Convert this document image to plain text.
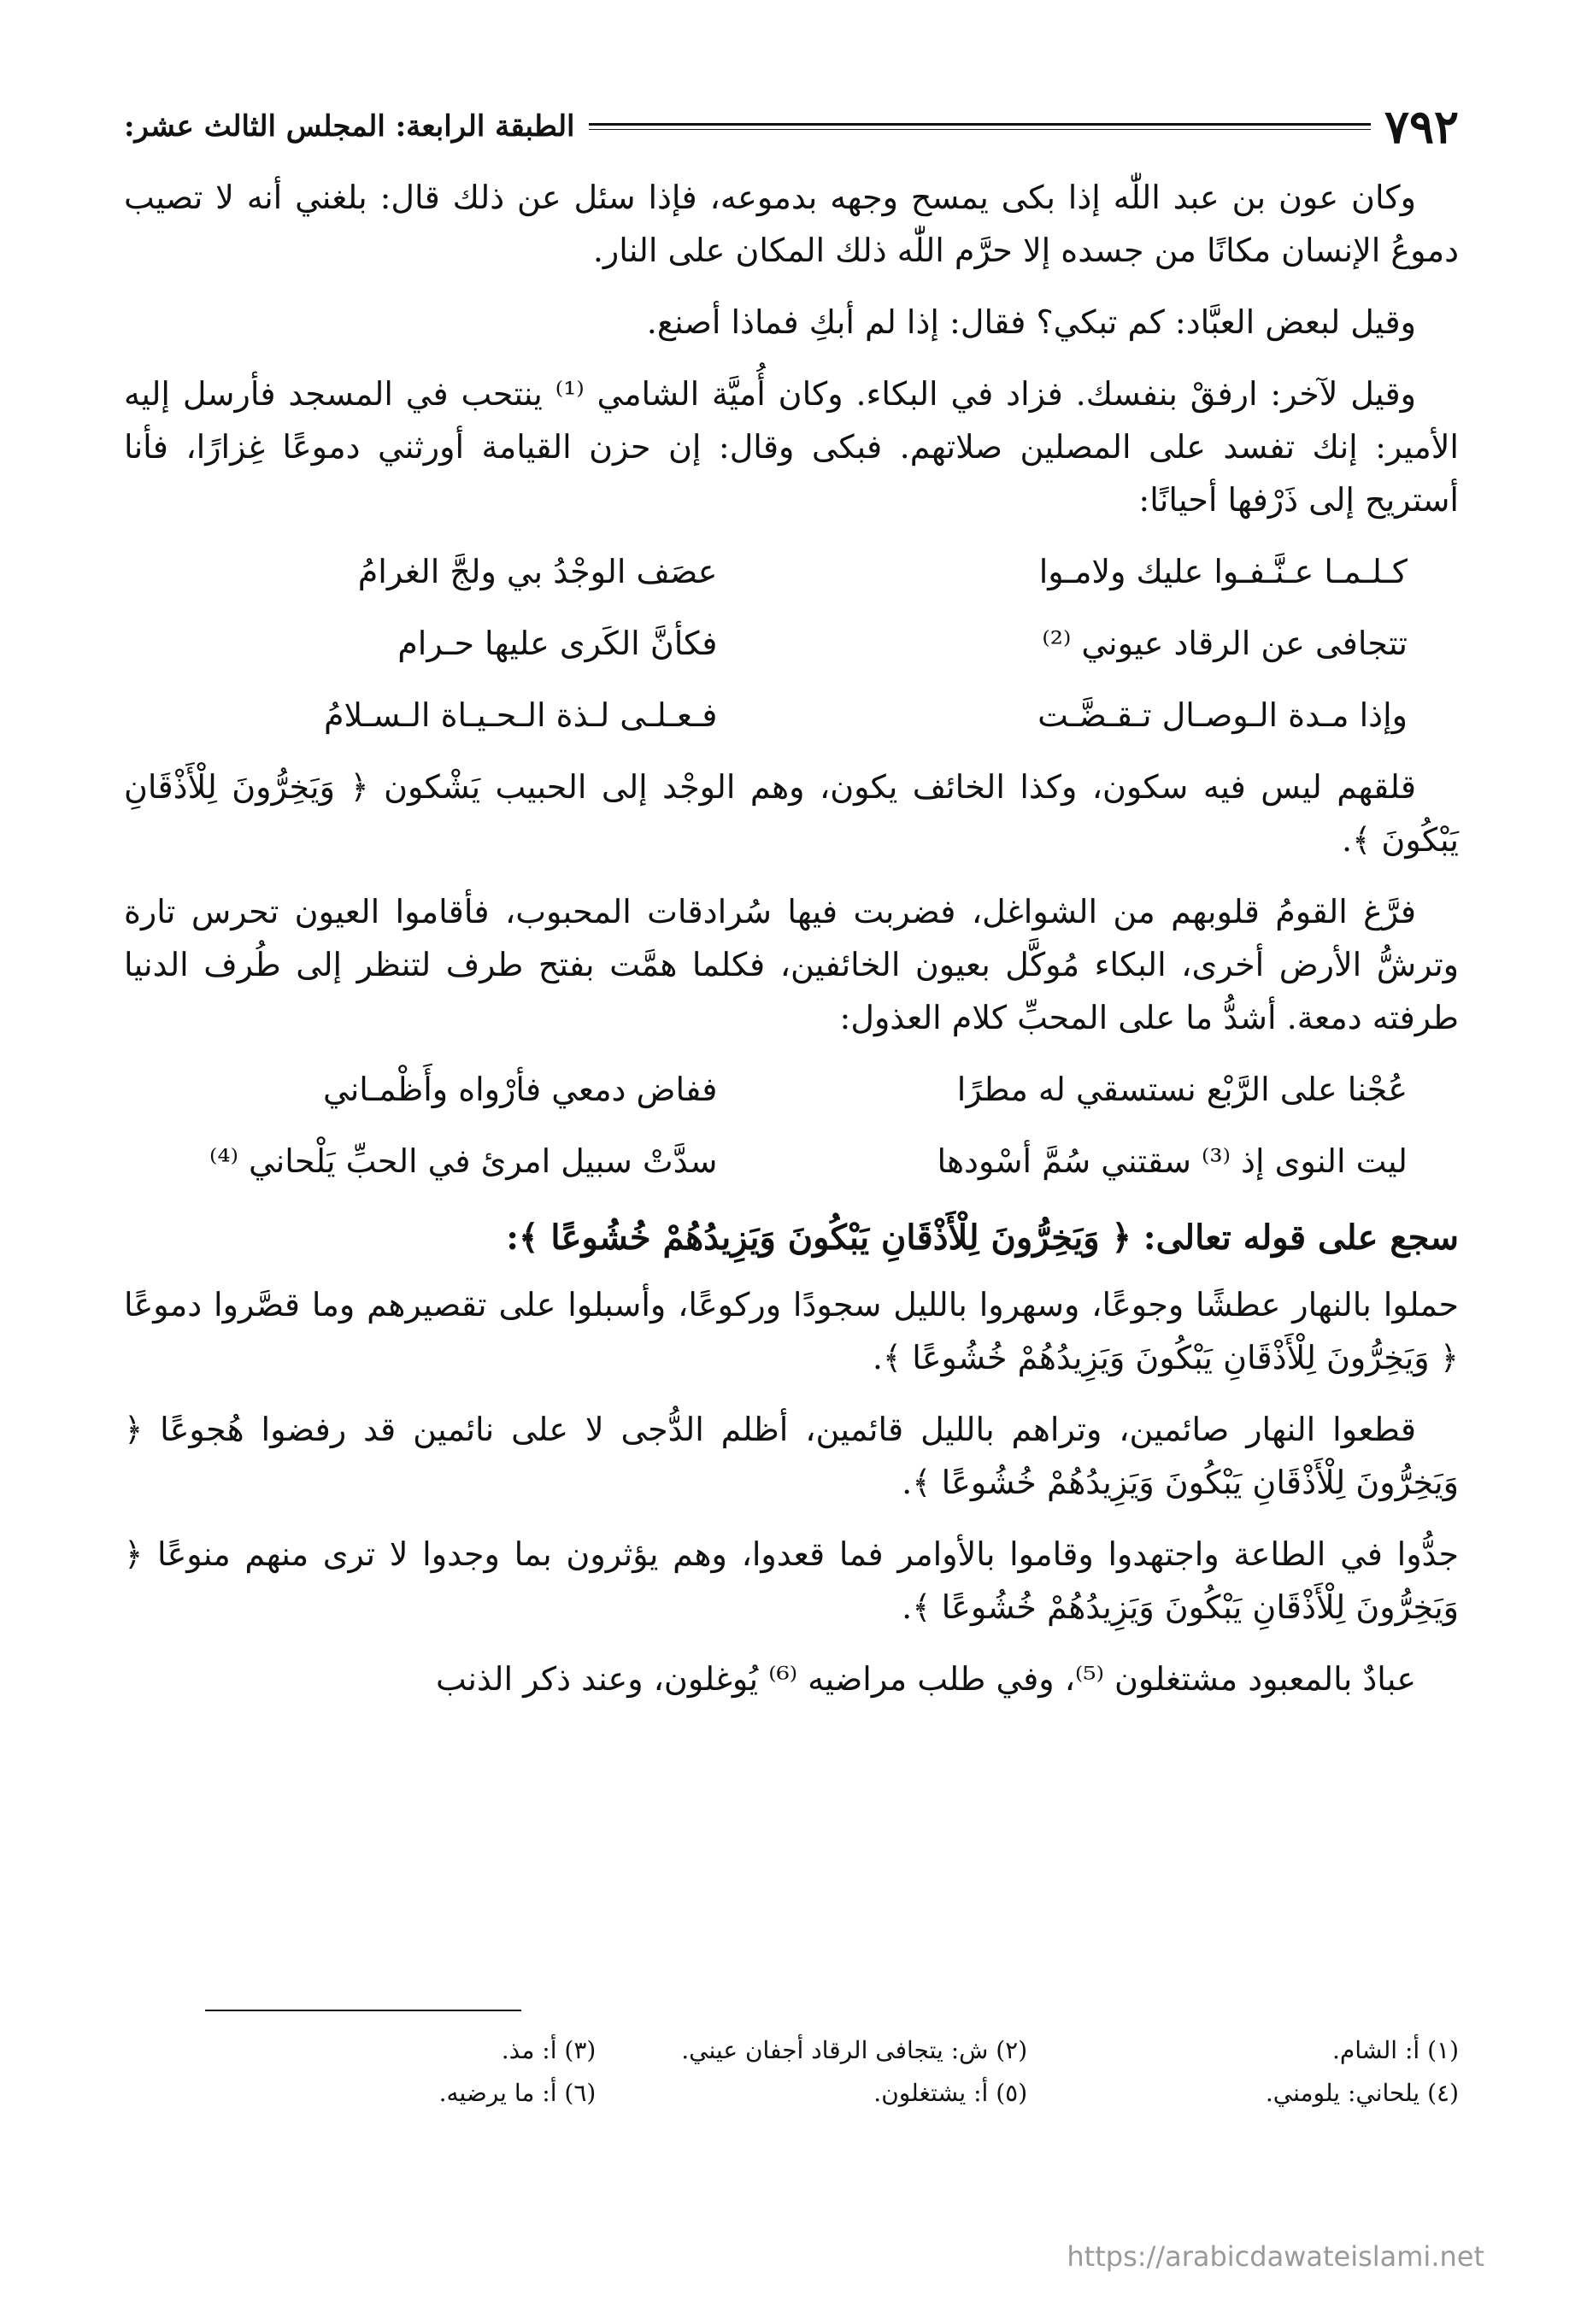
٧٩٢
الطبقة الرابعة: المجلس الثالث عشر:

وكان عون بن عبد اللّٰه إذا بكى يمسح وجهه بدموعه، فإذا سئل عن ذلك قال: بلغني أنه لا تصيب دموعُ الإنسان مكانًا من جسده إلا حرَّم اللّٰه ذلك المكان على النار.

وقيل لبعض العبَّاد: كم تبكي؟ فقال: إذا لم أبكِ فماذا أصنع.

وقيل لآخر: ارفقْ بنفسك. فزاد في البكاء. وكان أُميَّة الشامي ⁽¹⁾ ينتحب في المسجد فأرسل إليه الأمير: إنك تفسد على المصلين صلاتهم. فبكى وقال: إن حزن القيامة أورثني دموعًا غِزارًا، فأنا أستريح إلى ذَرْفها أحيانًا:

كـلـمـا عـنَّـفـوا عليك ولامـوا
عصَف الوجْدُ بي ولجَّ الغرامُ
تتجافى عن الرقاد عيوني ⁽²⁾
فكأنَّ الكَرى عليها حـرام
وإذا مـدة الـوصـال تـقـضَّـت
فـعـلـى لـذة الـحـيـاة الـسـلامُ

قلقهم ليس فيه سكون، وكذا الخائف يكون، وهم الوجْد إلى الحبيب يَشْكون ﴿ وَيَخِرُّونَ لِلْأَذْقَانِ يَبْكُونَ ﴾.

فرَّغ القومُ قلوبهم من الشواغل، فضربت فيها سُرادقات المحبوب، فأقاموا العيون تحرس تارة وترشُّ الأرض أخرى، البكاء مُوكَّل بعيون الخائفين، فكلما همَّت بفتح طرف لتنظر إلى طُرف الدنيا طرفته دمعة. أشدُّ ما على المحبِّ كلام العذول:

عُجْنا على الرَّبْع نستسقي له مطرًا
ففاض دمعي فأرْواه وأَظْمـاني
ليت النوى إذ ⁽³⁾ سقتني سُمَّ أسْودها
سدَّتْ سبيل امرئ في الحبِّ يَلْحاني ⁽⁴⁾
سجع على قوله تعالى: ﴿ وَيَخِرُّونَ لِلْأَذْقَانِ يَبْكُونَ وَيَزِيدُهُمْ خُشُوعًا ﴾:

حملوا بالنهار عطشًا وجوعًا، وسهروا بالليل سجودًا وركوعًا، وأسبلوا على تقصيرهم وما قصَّروا دموعًا ﴿ وَيَخِرُّونَ لِلْأَذْقَانِ يَبْكُونَ وَيَزِيدُهُمْ خُشُوعًا ﴾.

قطعوا النهار صائمين، وتراهم بالليل قائمين، أظلم الدُّجى لا على نائمين قد رفضوا هُجوعًا ﴿ وَيَخِرُّونَ لِلْأَذْقَانِ يَبْكُونَ وَيَزِيدُهُمْ خُشُوعًا ﴾.

جدُّوا في الطاعة واجتهدوا وقاموا بالأوامر فما قعدوا، وهم يؤثرون بما وجدوا لا ترى منهم منوعًا ﴿ وَيَخِرُّونَ لِلْأَذْقَانِ يَبْكُونَ وَيَزِيدُهُمْ خُشُوعًا ﴾.

عبادٌ بالمعبود مشتغلون ⁽⁵⁾، وفي طلب مراضيه ⁽⁶⁾ يُوغلون، وعند ذكر الذنب

(١) أ: الشام.
(٢) ش: يتجافى الرقاد أجفان عيني.
(٣) أ: مذ.
(٤) يلحاني: يلومني.
(٥) أ: يشتغلون.
(٦) أ: ما يرضيه.
https://arabicdawateislami.net
